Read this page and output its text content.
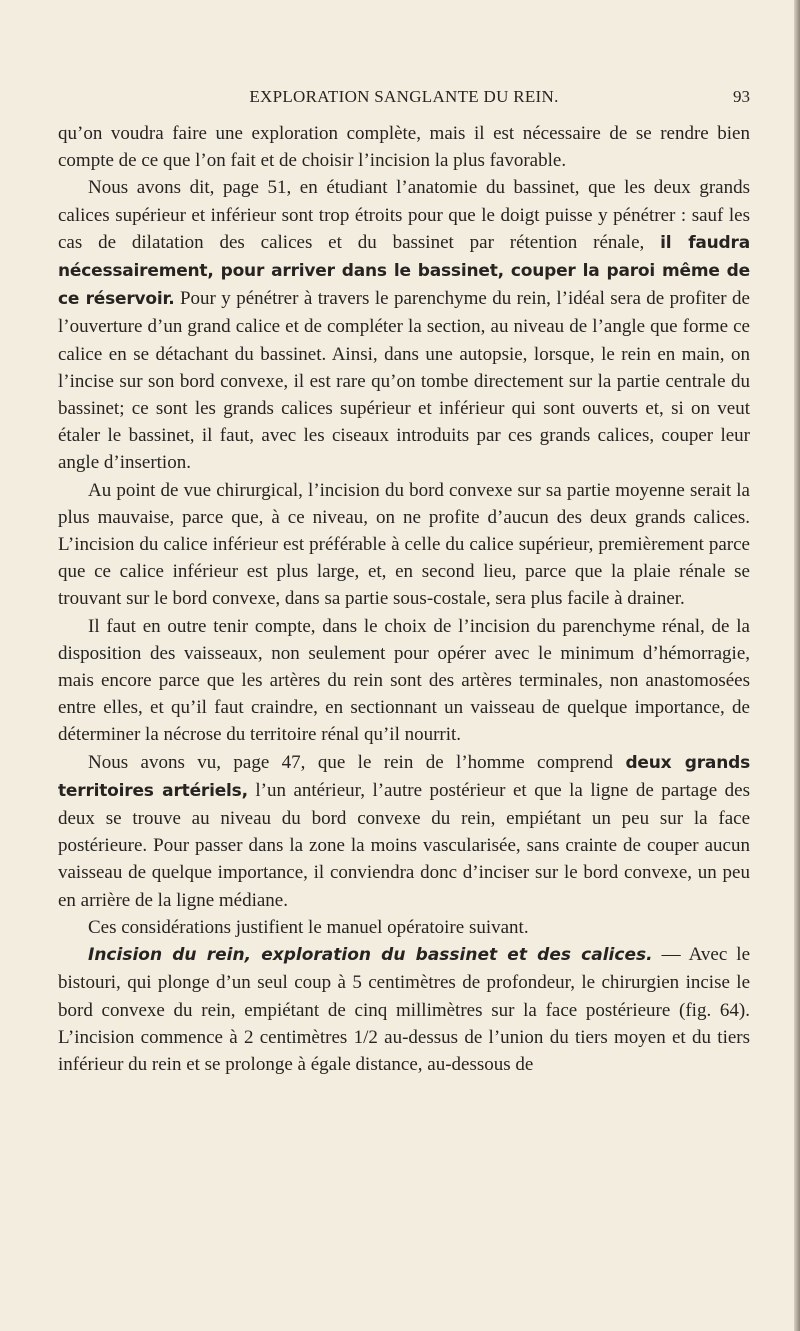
EXPLORATION SANGLANTE DU REIN.	93

qu’on voudra faire une exploration complète, mais il est nécessaire de se rendre bien compte de ce que l’on fait et de choisir l’incision la plus favorable.

Nous avons dit, page 51, en étudiant l’anatomie du bassinet, que les deux grands calices supérieur et inférieur sont trop étroits pour que le doigt puisse y pénétrer : sauf les cas de dilatation des calices et du bassinet par rétention rénale, il faudra nécessairement, pour arriver dans le bassinet, couper la paroi même de ce réservoir. Pour y pénétrer à travers le parenchyme du rein, l’idéal sera de profiter de l’ouverture d’un grand calice et de compléter la section, au niveau de l’angle que forme ce calice en se détachant du bassinet. Ainsi, dans une autopsie, lorsque, le rein en main, on l’incise sur son bord convexe, il est rare qu’on tombe directement sur la partie centrale du bassinet; ce sont les grands calices supérieur et inférieur qui sont ouverts et, si on veut étaler le bassinet, il faut, avec les ciseaux introduits par ces grands calices, couper leur angle d’insertion.

Au point de vue chirurgical, l’incision du bord convexe sur sa partie moyenne serait la plus mauvaise, parce que, à ce niveau, on ne profite d’aucun des deux grands calices. L’incision du calice inférieur est préférable à celle du calice supérieur, premièrement parce que ce calice inférieur est plus large, et, en second lieu, parce que la plaie rénale se trouvant sur le bord convexe, dans sa partie sous-costale, sera plus facile à drainer.

Il faut en outre tenir compte, dans le choix de l’incision du parenchyme rénal, de la disposition des vaisseaux, non seulement pour opérer avec le minimum d’hémorragie, mais encore parce que les artères du rein sont des artères terminales, non anastomosées entre elles, et qu’il faut craindre, en sectionnant un vaisseau de quelque importance, de déterminer la nécrose du territoire rénal qu’il nourrit.

Nous avons vu, page 47, que le rein de l’homme comprend deux grands territoires artériels, l’un antérieur, l’autre postérieur et que la ligne de partage des deux se trouve au niveau du bord convexe du rein, empiétant un peu sur la face postérieure. Pour passer dans la zone la moins vascularisée, sans crainte de couper aucun vaisseau de quelque importance, il conviendra donc d’inciser sur le bord convexe, un peu en arrière de la ligne médiane.

Ces considérations justifient le manuel opératoire suivant.

Incision du rein, exploration du bassinet et des calices. — Avec le bistouri, qui plonge d’un seul coup à 5 centimètres de profondeur, le chirurgien incise le bord convexe du rein, empiétant de cinq millimètres sur la face postérieure (fig. 64). L’incision commence à 2 centimètres 1/2 au-dessus de l’union du tiers moyen et du tiers inférieur du rein et se prolonge à égale distance, au-dessous de
